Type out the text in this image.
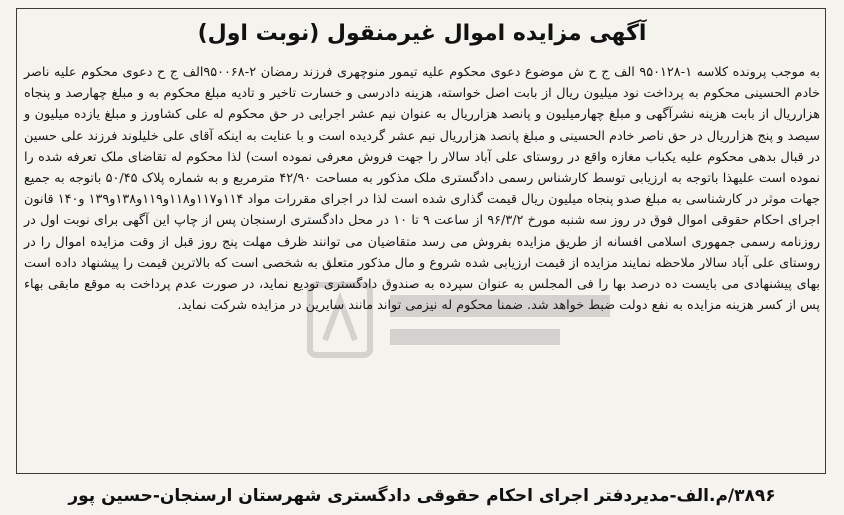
آگهی مزایده اموال غیرمنقول (نوبت اول)

به موجب پرونده کلاسه ۱-۹۵۰۱۲۸ الف ج ح ش موضوع دعوی محکوم علیه تیمور منوچهری فرزند رمضان ۲-۹۵۰۰۶۸الف ج ح دعوی محکوم علیه ناصر خادم الحسینی محکوم به پرداخت نود میلیون ریال از بابت اصل خواسته، هزینه دادرسی و خسارت تاخیر و تادیه مبلغ محکوم به و مبلغ چهارصد و پنجاه هزارریال از بابت هزینه نشرآگهی و مبلغ چهارمیلیون و پانصد هزارریال به عنوان نیم عشر اجرایی در حق محکوم له علی کشاورز و مبلغ یازده میلیون و سیصد و پنج هزارریال در حق ناصر خادم الحسینی و مبلغ پانصد هزارریال نیم عشر گردیده است و با عنایت به اینکه آقای علی خلیلوند فرزند علی حسین در قبال بدهی محکوم علیه یکباب مغازه واقع در روستای علی آباد سالار را جهت فروش معرفی نموده است) لذا محکوم له تقاضای ملک تعرفه شده را نموده است علیهذا باتوجه به ارزیابی توسط کارشناس رسمی دادگستری ملک مذکور به مساحت ۴۲/۹۰ مترمربع و به شماره پلاک ۵۰/۴۵ باتوجه به جمیع جهات موثر در کارشناسی به مبلغ صدو پنجاه میلیون ریال قیمت گذاری شده است لذا در اجرای مقررات مواد ۱۱۴و۱۱۷و۱۱۸و۱۱۹و۱۳۸و۱۳۹ و۱۴۰ قانون اجرای احکام حقوقی اموال فوق در روز سه شنبه مورخ ۹۶/۳/۲ از ساعت ۹ تا ۱۰ در محل دادگستری ارسنجان پس از چاپ این آگهی برای نوبت اول در روزنامه رسمی جمهوری اسلامی افسانه از طریق مزایده بفروش می رسد متقاضیان می توانند ظرف مهلت پنج روز قبل از وقت مزایده اموال را در روستای علی آباد سالار ملاحظه نمایند مزایده از قیمت ارزیابی شده شروع و مال مذکور متعلق به شخصی است که بالاترین قیمت را پیشنهاد داده است بهای پیشنهادی می بایست ده درصد بها را فی المجلس به عنوان سپرده به صندوق دادگستری تودیع نماید، در صورت عدم پرداخت به موقع مابقی بهاء پس از کسر هزینه مزایده به نفع دولت ضبط خواهد شد. ضمنا محکوم له نیزمی تواند مانند سایرین در مزایده شرکت نماید.

۳۸۹۶/م.الف-مدیردفتر اجرای احکام حقوقی دادگستری شهرستان ارسنجان-حسین پور
